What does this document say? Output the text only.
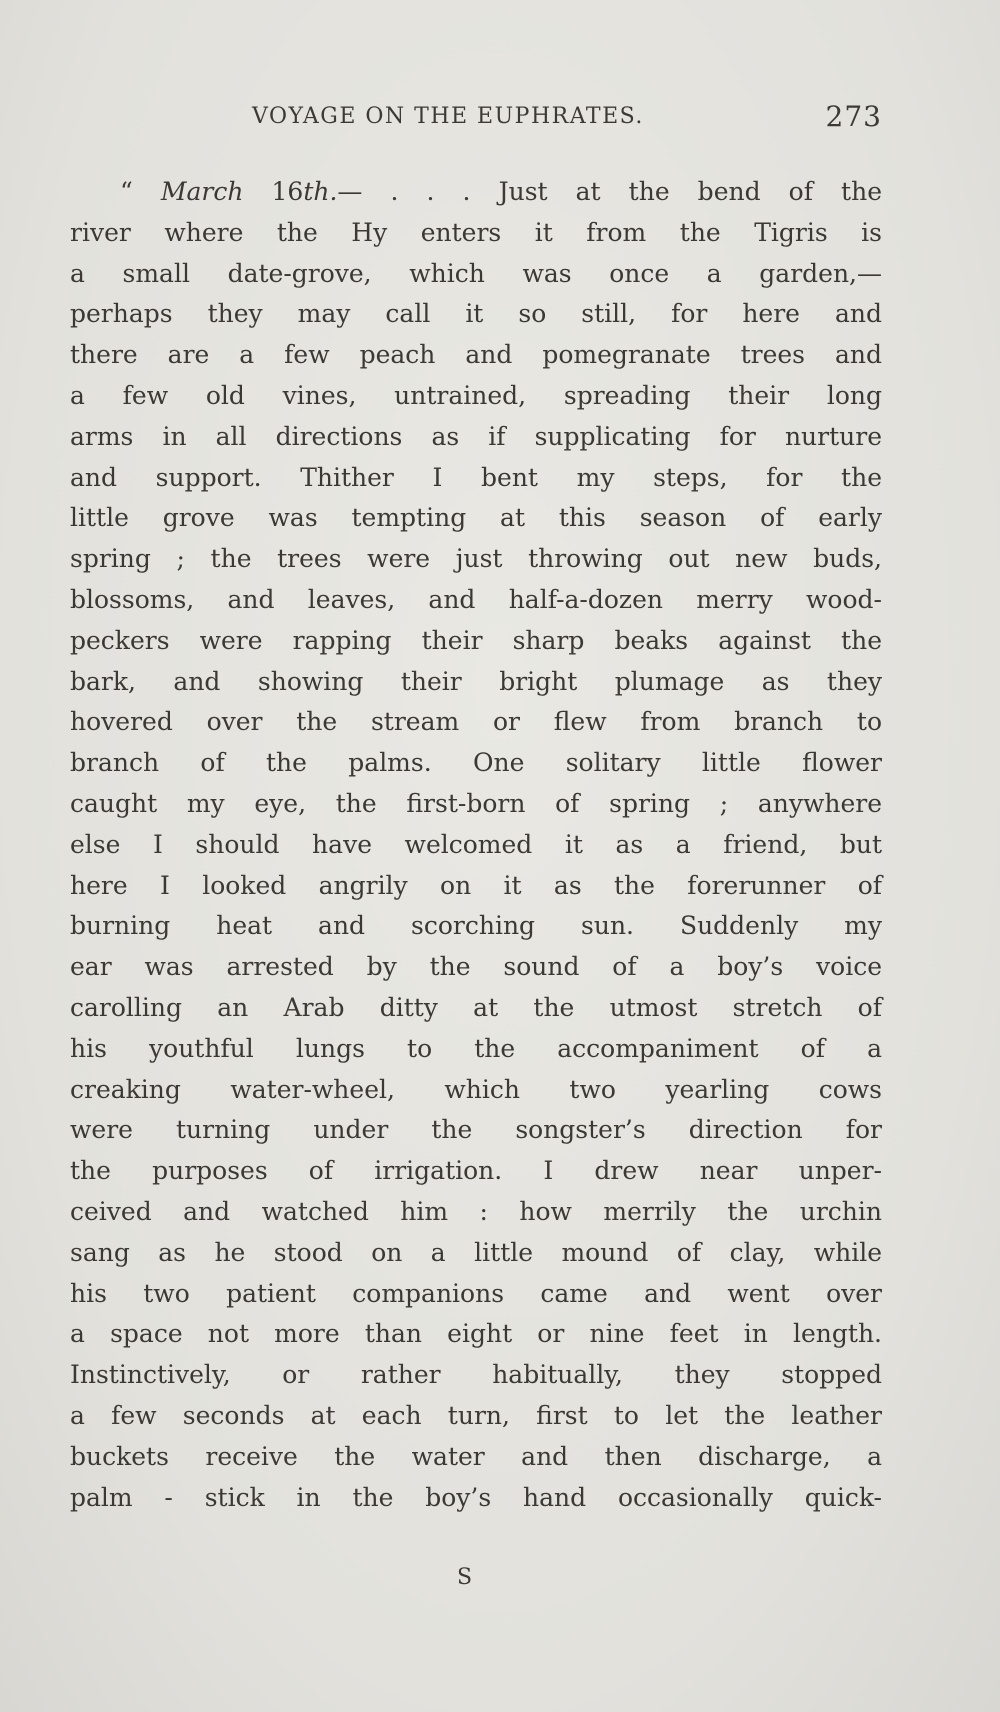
VOYAGE ON THE EUPHRATES.	273
“ March 16th.— . . . Just at the bend of the
river where the Hy enters it from the Tigris is
a small date-grove, which was once a garden,—
perhaps they may call it so still, for here and
there are a few peach and pomegranate trees and
a few old vines, untrained, spreading their long
arms in all directions as if supplicating for nurture
and support. Thither I bent my steps, for the
little grove was tempting at this season of early
spring ; the trees were just throwing out new buds,
blossoms, and leaves, and half-a-dozen merry wood-
peckers were rapping their sharp beaks against the
bark, and showing their bright plumage as they
hovered over the stream or flew from branch to
branch of the palms. One solitary little flower
caught my eye, the first-born of spring ; anywhere
else I should have welcomed it as a friend, but
here I looked angrily on it as the forerunner of
burning heat and scorching sun. Suddenly my
ear was arrested by the sound of a boy’s voice
carolling an Arab ditty at the utmost stretch of
his youthful lungs to the accompaniment of a
creaking water-wheel, which two yearling cows
were turning under the songster’s direction for
the purposes of irrigation. I drew near unper-
ceived and watched him : how merrily the urchin
sang as he stood on a little mound of clay, while
his two patient companions came and went over
a space not more than eight or nine feet in length.
Instinctively, or rather habitually, they stopped
a few seconds at each turn, first to let the leather
buckets receive the water and then discharge, a
palm - stick in the boy’s hand occasionally quick-
S
